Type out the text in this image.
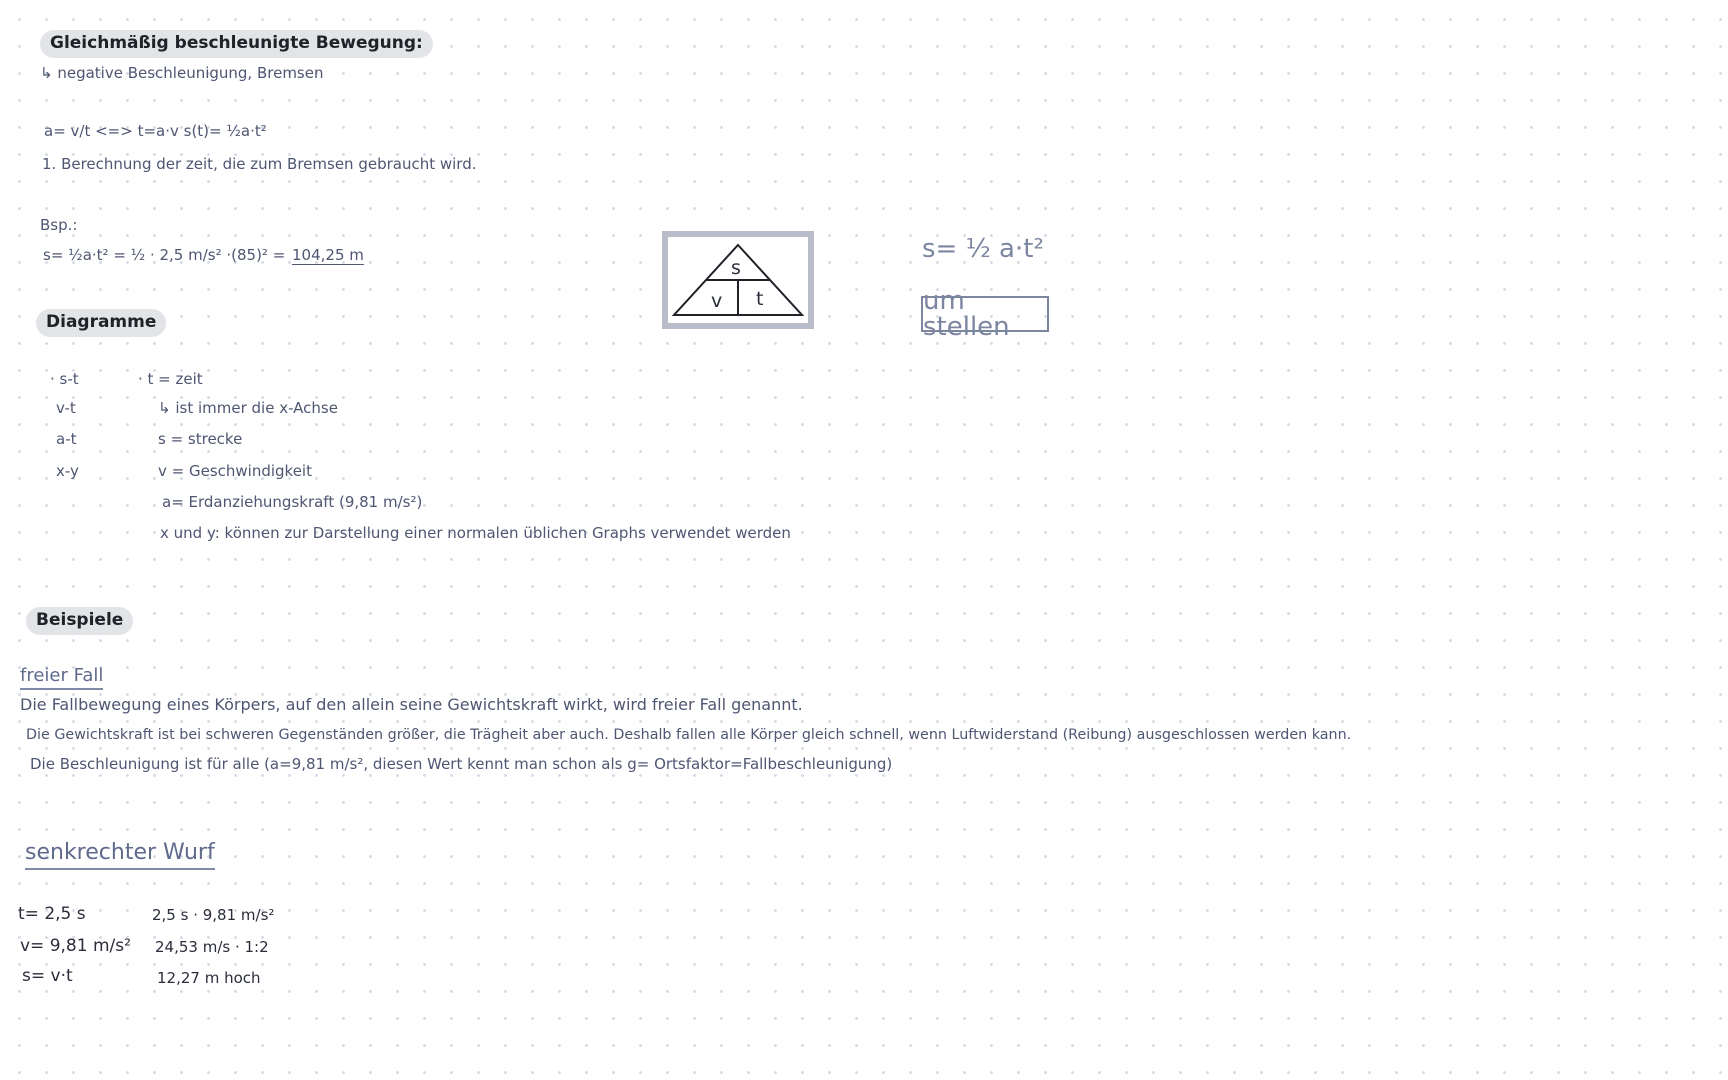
Gleichmäßig beschleunigte Bewegung:
↳ negative Beschleunigung, Bremsen
a= v/t <=> t=a·v s(t)= ½a·t²
1. Berechnung der zeit, die zum Bremsen gebraucht wird.
Bsp.:
s= ½a·t² = ½ · 2,5 m/s² ·(85)² = 104,25 m
s
v t
s= ½ a·t²
um stellen
Diagramme
· s-t
v-t
a-t
x-y
· t = zeit
↳ ist immer die x-Achse
s = strecke
v = Geschwindigkeit
a= Erdanziehungskraft (9,81 m/s²)
x und y: können zur Darstellung einer normalen üblichen Graphs verwendet werden
Beispiele
freier Fall
Die Fallbewegung eines Körpers, auf den allein seine Gewichtskraft wirkt, wird freier Fall genannt.
Die Gewichtskraft ist bei schweren Gegenständen größer, die Trägheit aber auch. Deshalb fallen alle Körper gleich schnell, wenn Luftwiderstand (Reibung) ausgeschlossen werden kann.
Die Beschleunigung ist für alle (a=9,81 m/s², diesen Wert kennt man schon als g= Ortsfaktor=Fallbeschleunigung)
senkrechter Wurf
t= 2,5 s
v= 9,81 m/s²
s= v·t
2,5 s · 9,81 m/s²
24,53 m/s · 1:2
12,27 m hoch
